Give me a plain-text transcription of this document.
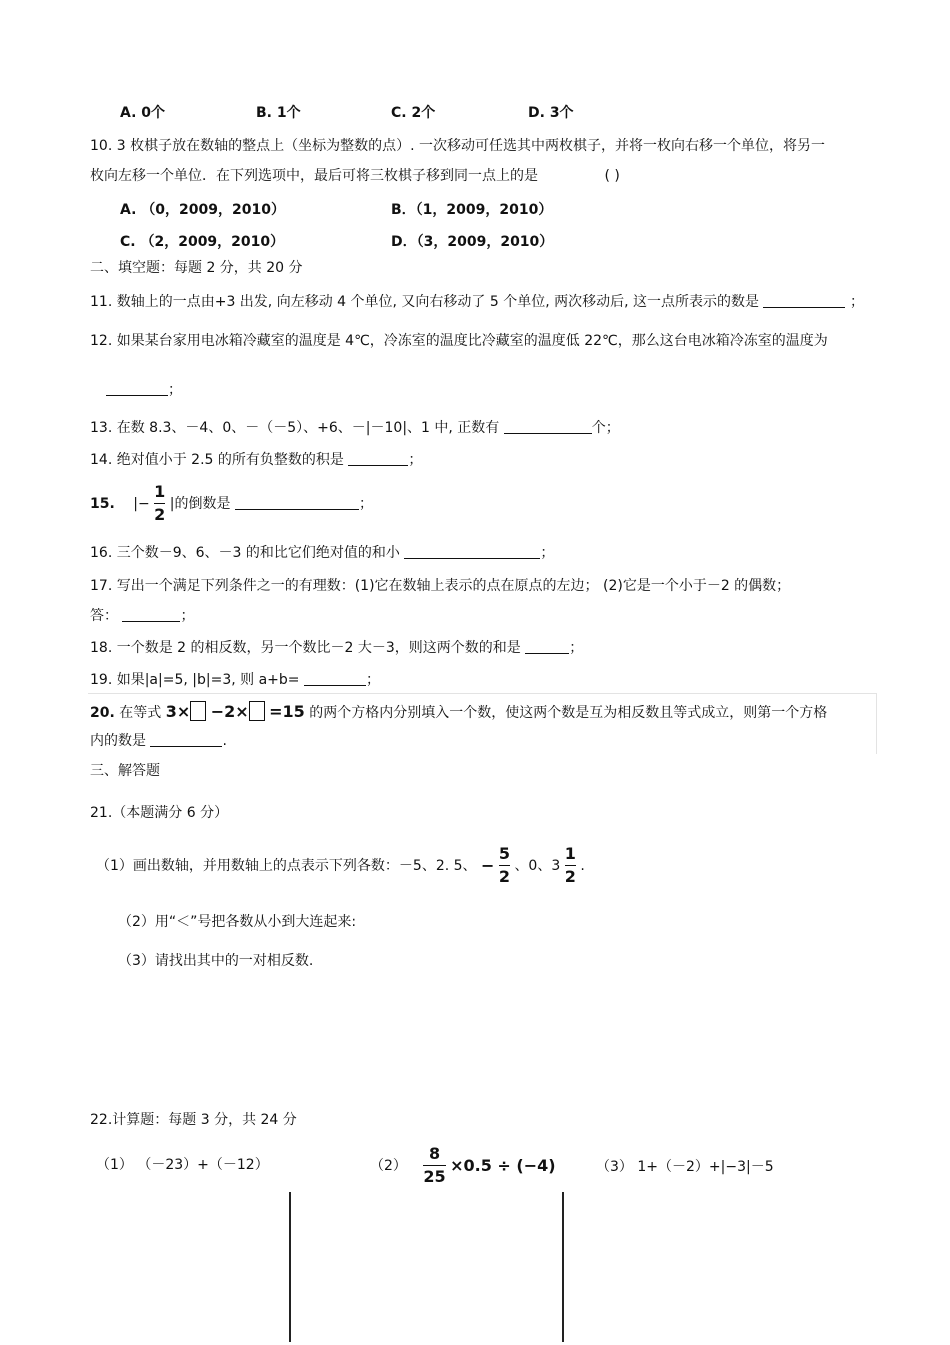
A. 0个	B. 1个	C. 2个	D. 3个
10. 3 枚棋子放在数轴的整点上（坐标为整数的点）. 一次移动可任选其中两枚棋子，并将一枚向右移一个单位，将另一
枚向左移一个单位．在下列选项中，最后可将三枚棋子移到同一点上的是	( )
A. （0，2009，2010）	B．（1，2009，2010）
C. （2，2009，2010）	D．（3，2009，2010）
二、填空题：每题 2 分，共 20 分
11. 数轴上的一点由+3 出发, 向左移动 4 个单位, 又向右移动了 5 个单位, 两次移动后, 这一点所表示的数是	；
12. 如果某台家用电冰箱冷藏室的温度是 4℃，冷冻室的温度比冷藏室的温度低 22℃，那么这台电冰箱冷冻室的温度为
；
13. 在数 8.3、－4、0、－（－5）、+6、－|－10|、1 中, 正数有	个；
14. 绝对值小于 2.5 的所有负整数的积是	；
15. |− $\frac{1}{2}$ |的倒数是	；
16. 三个数－9、6、－3 的和比它们绝对值的和小	；
17. 写出一个满足下列条件之一的有理数：(1)它在数轴上表示的点在原点的左边； (2)它是一个小于－2 的偶数；
答：	；
18. 一个数是 2 的相反数，另一个数比－2 大－3，则这两个数的和是	；
19. 如果|a|=5, |b|=3, 则 a+b=	；
20. 在等式 3× −2× =15 的两个方格内分别填入一个数，使这两个数是互为相反数且等式成立，则第一个方格
内的数是	.
三、解答题
21.（本题满分 6 分）
（1）画出数轴，并用数轴上的点表示下列各数：－5、2. 5、 − $\frac{5}{2}$ 、0、$3 \frac{1}{2}$ .
（2）用“＜”号把各数从小到大连起来:
（3）请找出其中的一对相反数.
22.计算题：每题 3 分，共 24 分
（1） （－23）+（－12）	$(2) \frac{8}{25} \times 0.5 \div (-4)$	（3） 1+（－2）+|−3|－5
